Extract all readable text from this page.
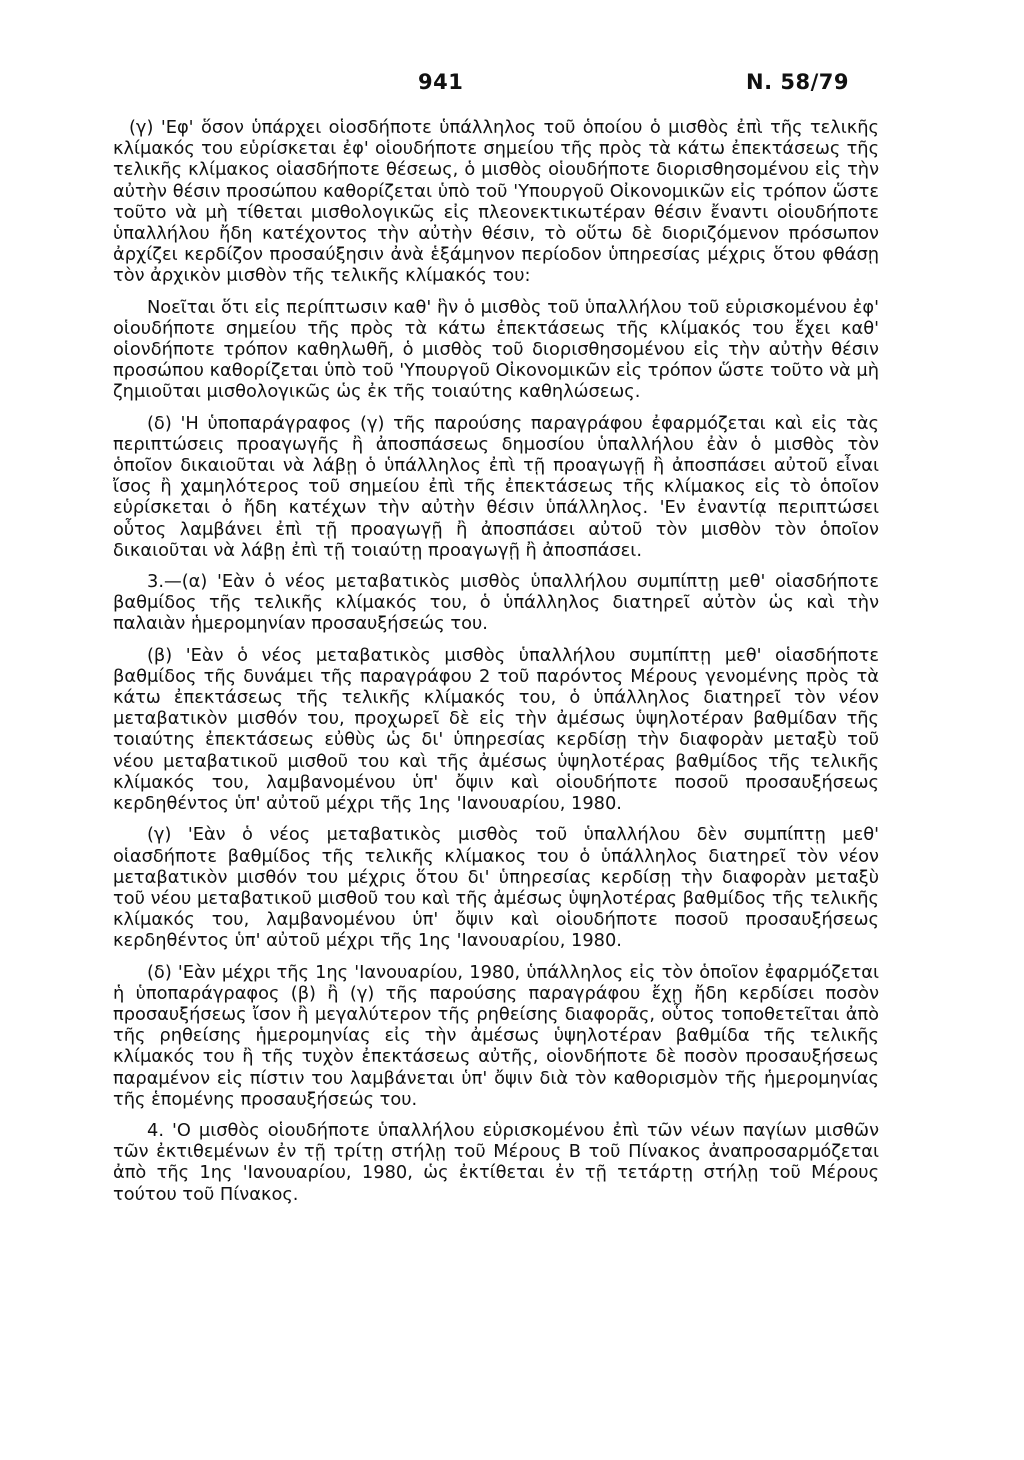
941	N. 58/79

(γ) 'Εφ' ὅσον ὑπάρχει οἱοσδήποτε ὑπάλληλος τοῦ ὁποίου ὁ μισθὸς ἐπὶ τῆς τελικῆς κλίμακός του εὑρίσκεται ἐφ' οἱουδήποτε σημείου τῆς πρὸς τὰ κάτω ἐπεκτάσεως τῆς τελικῆς κλίμακος οἱασδήποτε θέσεως, ὁ μισθὸς οἱουδήποτε διορισθησομένου εἰς τὴν αὐτὴν θέσιν προσώπου καθορίζεται ὑπὸ τοῦ 'Υπουργοῦ Οἰκονομικῶν εἰς τρόπον ὥστε τοῦτο νὰ μὴ τίθεται μισθολογικῶς εἰς πλεονεκτικωτέραν θέσιν ἔναντι οἱουδήποτε ὑπαλλήλου ἤδη κατέχοντος τὴν αὐτὴν θέσιν, τὸ οὕτω δὲ διοριζόμενον πρόσωπον ἀρχίζει κερδίζον προσαύξησιν ἀνὰ ἑξάμηνον περίοδον ὑπηρεσίας μέχρις ὅτου φθάσῃ τὸν ἀρχικὸν μισθὸν τῆς τελικῆς κλίμακός του:

Νοεῖται ὅτι εἰς περίπτωσιν καθ' ἣν ὁ μισθὸς τοῦ ὑπαλλήλου τοῦ εὑρισκομένου ἐφ' οἱουδήποτε σημείου τῆς πρὸς τὰ κάτω ἐπεκτάσεως τῆς κλίμακός του ἔχει καθ' οἱονδήποτε τρόπον καθηλωθῆ, ὁ μισθὸς τοῦ διορισθησομένου εἰς τὴν αὐτὴν θέσιν προσώπου καθορίζεται ὑπὸ τοῦ 'Υπουργοῦ Οἰκονομικῶν εἰς τρόπον ὥστε τοῦτο νὰ μὴ ζημιοῦται μισθολογικῶς ὡς ἐκ τῆς τοιαύτης καθηλώσεως.

(δ) 'Η ὑποπαράγραφος (γ) τῆς παρούσης παραγράφου ἐφαρμόζεται καὶ εἰς τὰς περιπτώσεις προαγωγῆς ἢ ἀποσπάσεως δημοσίου ὑπαλλήλου ἐὰν ὁ μισθὸς τὸν ὁποῖον δικαιοῦται νὰ λάβῃ ὁ ὑπάλληλος ἐπὶ τῇ προαγωγῇ ἢ ἀποσπάσει αὐτοῦ εἶναι ἴσος ἢ χαμηλότερος τοῦ σημείου ἐπὶ τῆς ἐπεκτάσεως τῆς κλίμακος εἰς τὸ ὁποῖον εὑρίσκεται ὁ ἤδη κατέχων τὴν αὐτὴν θέσιν ὑπάλληλος. 'Εν ἐναντίᾳ περιπτώσει οὗτος λαμβάνει ἐπὶ τῇ προαγωγῇ ἢ ἀποσπάσει αὐτοῦ τὸν μισθὸν τὸν ὁποῖον δικαιοῦται νὰ λάβῃ ἐπὶ τῇ τοιαύτῃ προαγωγῇ ἢ ἀποσπάσει.

3.—(α) 'Εὰν ὁ νέος μεταβατικὸς μισθὸς ὑπαλλήλου συμπίπτῃ μεθ' οἱασδήποτε βαθμίδος τῆς τελικῆς κλίμακός του, ὁ ὑπάλληλος διατηρεῖ αὐτὸν ὡς καὶ τὴν παλαιὰν ἡμερομηνίαν προσαυξήσεώς του.

(β) 'Εὰν ὁ νέος μεταβατικὸς μισθὸς ὑπαλλήλου συμπίπτῃ μεθ' οἱασδήποτε βαθμίδος τῆς δυνάμει τῆς παραγράφου 2 τοῦ παρόντος Μέρους γενομένης πρὸς τὰ κάτω ἐπεκτάσεως τῆς τελικῆς κλίμακός του, ὁ ὑπάλληλος διατηρεῖ τὸν νέον μεταβατικὸν μισθόν του, προχωρεῖ δὲ εἰς τὴν ἀμέσως ὑψηλοτέραν βαθμίδαν τῆς τοιαύτης ἐπεκτάσεως εὐθὺς ὡς δι' ὑπηρεσίας κερδίσῃ τὴν διαφορὰν μεταξὺ τοῦ νέου μεταβατικοῦ μισθοῦ του καὶ τῆς ἀμέσως ὑψηλοτέρας βαθμίδος τῆς τελικῆς κλίμακός του, λαμβανομένου ὑπ' ὄψιν καὶ οἱουδήποτε ποσοῦ προσαυξήσεως κερδηθέντος ὑπ' αὐτοῦ μέχρι τῆς 1ης 'Ιανουαρίου, 1980.

(γ) 'Εὰν ὁ νέος μεταβατικὸς μισθὸς τοῦ ὑπαλλήλου δὲν συμπίπτῃ μεθ' οἱασδήποτε βαθμίδος τῆς τελικῆς κλίμακος του ὁ ὑπάλληλος διατηρεῖ τὸν νέον μεταβατικὸν μισθόν του μέχρις ὅτου δι' ὑπηρεσίας κερδίσῃ τὴν διαφορὰν μεταξὺ τοῦ νέου μεταβατικοῦ μισθοῦ του καὶ τῆς ἀμέσως ὑψηλοτέρας βαθμίδος τῆς τελικῆς κλίμακός του, λαμβανομένου ὑπ' ὄψιν καὶ οἱουδήποτε ποσοῦ προσαυξήσεως κερδηθέντος ὑπ' αὐτοῦ μέχρι τῆς 1ης 'Ιανουαρίου, 1980.

(δ) 'Εὰν μέχρι τῆς 1ης 'Ιανουαρίου, 1980, ὑπάλληλος εἰς τὸν ὁποῖον ἐφαρμόζεται ἡ ὑποπαράγραφος (β) ἢ (γ) τῆς παρούσης παραγράφου ἔχῃ ἤδη κερδίσει ποσὸν προσαυξήσεως ἴσον ἢ μεγαλύτερον τῆς ρηθείσης διαφορᾶς, οὗτος τοποθετεῖται ἀπὸ τῆς ρηθείσης ἡμερομηνίας εἰς τὴν ἀμέσως ὑψηλοτέραν βαθμίδα τῆς τελικῆς κλίμακός του ἢ τῆς τυχὸν ἐπεκτάσεως αὐτῆς, οἱονδήποτε δὲ ποσὸν προσαυξήσεως παραμένον εἰς πίστιν του λαμβάνεται ὑπ' ὄψιν διὰ τὸν καθορισμὸν τῆς ἡμερομηνίας τῆς ἑπομένης προσαυξήσεώς του.

4. 'Ο μισθὸς οἱουδήποτε ὑπαλλήλου εὑρισκομένου ἐπὶ τῶν νέων παγίων μισθῶν τῶν ἐκτιθεμένων ἐν τῇ τρίτῃ στήλῃ τοῦ Μέρους Β τοῦ Πίνακος ἀναπροσαρμόζεται ἀπὸ τῆς 1ης 'Ιανουαρίου, 1980, ὡς ἐκτίθεται ἐν τῇ τετάρτῃ στήλῃ τοῦ Μέρους τούτου τοῦ Πίνακος.
